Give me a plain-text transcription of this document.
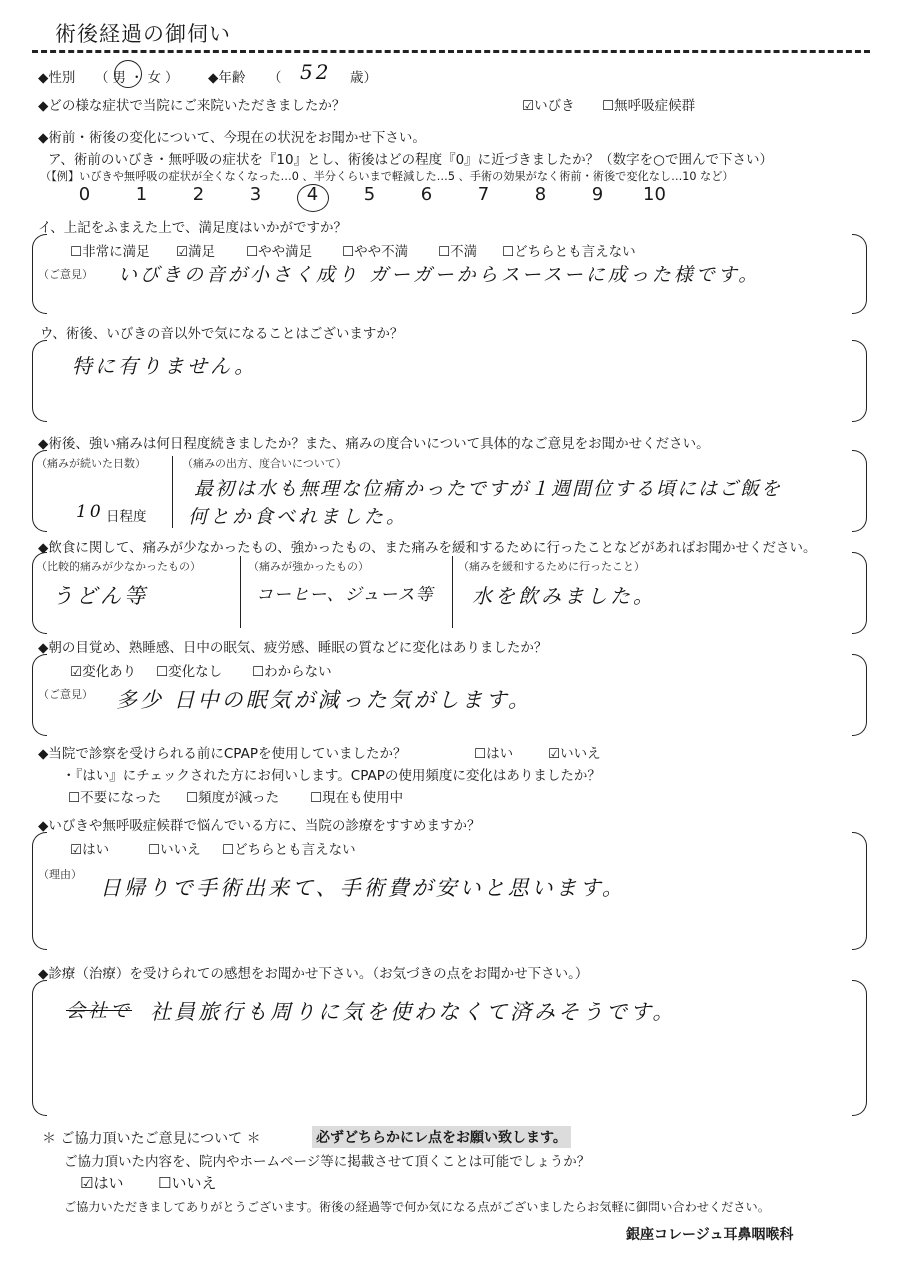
術後経過の御伺い
◆性別 （男・女） ◆年齢 （ 52 歳）
◆どの様な症状で当院にご来院いただきましたか？	☑いびき ☐無呼吸症候群
◆術前・術後の変化について、今現在の状況をお聞かせ下さい。
ア、術前のいびき・無呼吸の症状を『10』とし、術後はどの程度『0』に近づきましたか？（数字を○で囲んで下さい）
（【例】いびきや無呼吸の症状が全くなくなった…0 、半分くらいまで軽減した…5 、手術の効果がなく術前・術後で変化なし…10 など）
0	1	2	3	4	5	6	7	8	9 10
イ、上記をふまえた上で、満足度はいかがですか？
☐非常に満足 ☑満足 ☐やや満足 ☐やや不満 ☐不満 ☐どちらとも言えない
（ご意見） いびきの音が小さく成り ガーガーからスースーに成った様です。
ウ、術後、いびきの音以外で気になることはございますか？
特に有りません。
◆術後、強い痛みは何日程度続きましたか？また、痛みの度合いについて具体的なご意見をお聞かせください。
（痛みが続いた日数）
10 日程度
（痛みの出方、度合いについて）
最初は水も無理な位痛かったですが１週間位する頃にはご飯を
何とか食べれました。
◆飲食に関して、痛みが少なかったもの、強かったもの、また痛みを緩和するために行ったことなどがあればお聞かせください。
（比較的痛みが少なかったもの）
うどん等
（痛みが強かったもの）
コーヒー、ジュース等
（痛みを緩和するために行ったこと）
水を飲みました。
◆朝の目覚め、熟睡感、日中の眠気、疲労感、睡眠の質などに変化はありましたか？
☑変化あり ☐変化なし ☐わからない
（ご意見） 多少 日中の眠気が減った気がします。
◆当院で診察を受けられる前にCPAPを使用していましたか？	☐はい	☑いいえ
・『はい』にチェックされた方にお伺いします。CPAPの使用頻度に変化はありましたか？
☐不要になった ☐頻度が減った ☐現在も使用中
◆いびきや無呼吸症候群で悩んでいる方に、当院の診療をすすめますか？
☑はい	☐いいえ ☐どちらとも言えない
（理由）
日帰りで手術出来て、手術費が安いと思います。
◆診療（治療）を受けられての感想をお聞かせ下さい。（お気づきの点をお聞かせ下さい。）
会社で 社員旅行も周りに気を使わなくて済みそうです。
＊ ご協力頂いたご意見について ＊	必ずどちらかにレ点をお願い致します。
ご協力頂いた内容を、院内やホームページ等に掲載させて頂くことは可能でしょうか？
☑はい ☐いいえ
ご協力いただきましてありがとうございます。術後の経過等で何か気になる点がございましたらお気軽に御問い合わせください。
銀座コレージュ耳鼻咽喉科
